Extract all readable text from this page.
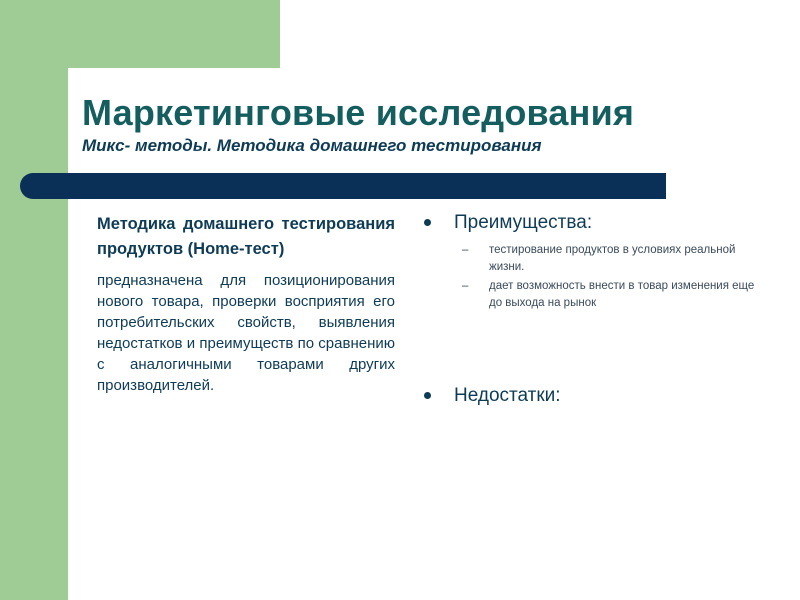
Маркетинговые исследования
Микс- методы. Методика домашнего тестирования
Методика домашнего тестирования продуктов (Home-тест)
предназначена для позиционирования нового товара, проверки восприятия его потребительских свойств, выявления недостатков и преимуществ по сравнению с аналогичными товарами других производителей.
Преимущества:
– тестирование продуктов в условиях реальной жизни.
– дает возможность внести в товар изменения еще до выхода на рынок
Недостатки:
